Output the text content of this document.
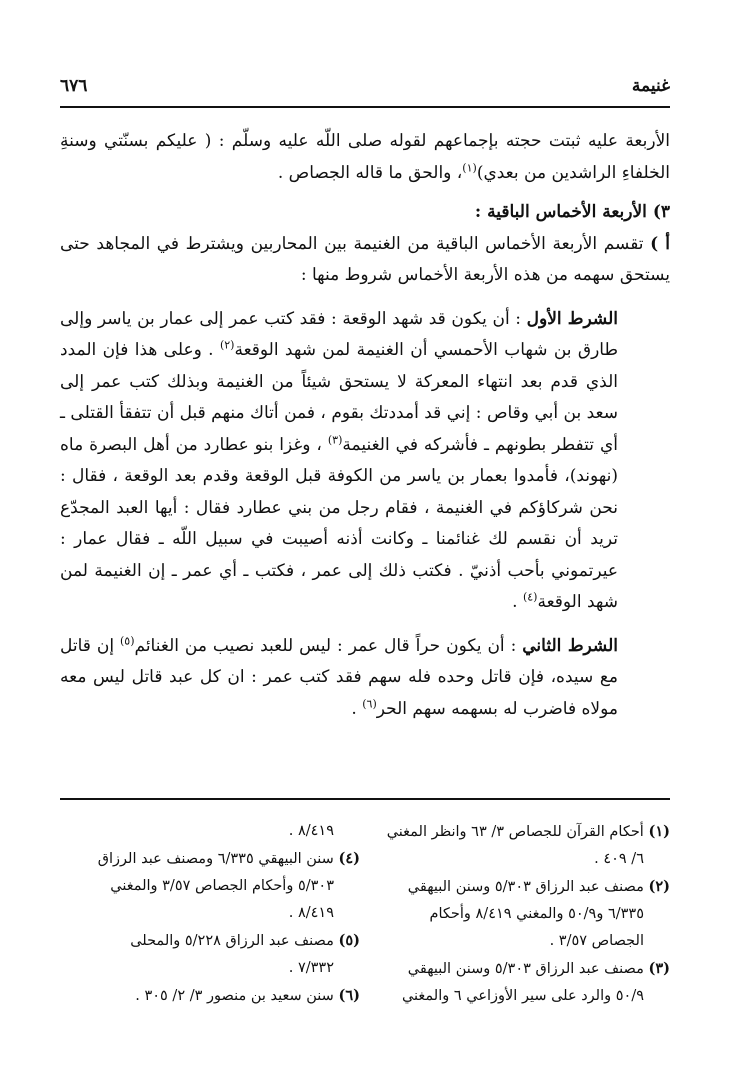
غنيمة
٦٧٦

الأربعة عليه ثبتت حجته بإجماعهم لقوله صلى اللّه عليه وسلّم : ( عليكم بسنّتي وسنةِ الخلفاءِ الراشدين من بعدي)$^{(١)}$، والحق ما قاله الجصاص .

٣) الأربعة الأخماس الباقية :

أ ) تقسم الأربعة الأخماس الباقية من الغنيمة بين المحاربين ويشترط في المجاهد حتى يستحق سهمه من هذه الأربعة الأخماس شروط منها :

الشرط الأول : أن يكون قد شهد الوقعة : فقد كتب عمر إلى عمار بن ياسر وإلى طارق بن شهاب الأحمسي أن الغنيمة لمن شهد الوقعة$^{(٢)}$ . وعلى هذا فإن المدد الذي قدم بعد انتهاء المعركة لا يستحق شيئاً من الغنيمة وبذلك كتب عمر إلى سعد بن أبي وقاص : إني قد أمددتك بقوم ، فمن أتاك منهم قبل أن تتفقأ القتلى ـ أي تتفطر بطونهم ـ فأشركه في الغنيمة$^{(٣)}$ ، وغزا بنو عطارد من أهل البصرة ماه (نهوند)، فأمدوا بعمار بن ياسر من الكوفة قبل الوقعة وقدم بعد الوقعة ، فقال : نحن شركاؤكم في الغنيمة ، فقام رجل من بني عطارد فقال : أيها العبد المجدّع تريد أن نقسم لك غنائمنا ـ وكانت أذنه أصيبت في سبيل اللّه ـ فقال عمار : عيرتموني بأحب أذنيّ . فكتب ذلك إلى عمر ، فكتب ـ أي عمر ـ إن الغنيمة لمن شهد الوقعة$^{(٤)}$ .

الشرط الثاني : أن يكون حراً قال عمر : ليس للعبد نصيب من الغنائم$^{(٥)}$ إن قاتل مع سيده، فإن قاتل وحده فله سهم فقد كتب عمر : ان كل عبد قاتل ليس معه مولاه فاضرب له بسهمه سهم الحر$^{(٦)}$ .

(١) أحكام القرآن للجصاص ٣/ ٦٣ وانظر المغني

٦/ ٤٠٩ .

(٢) مصنف عبد الرزاق ٥/٣٠٣ وسنن البيهقي

٦/٣٣٥ و٥٠/٩ والمغني ٨/٤١٩ وأحكام

الجصاص ٣/٥٧ .

(٣) مصنف عبد الرزاق ٥/٣٠٣ وسنن البيهقي

٥٠/٩ والرد على سير الأوزاعي ٦ والمغني

٨/٤١٩ .

(٤) سنن البيهقي ٦/٣٣٥ ومصنف عبد الرزاق

٥/٣٠٣ وأحكام الجصاص ٣/٥٧ والمغني

٨/٤١٩ .

(٥) مصنف عبد الرزاق ٥/٢٢٨ والمحلى

٧/٣٣٢ .

(٦) سنن سعيد بن منصور ٣/ ٢/ ٣٠٥ .
